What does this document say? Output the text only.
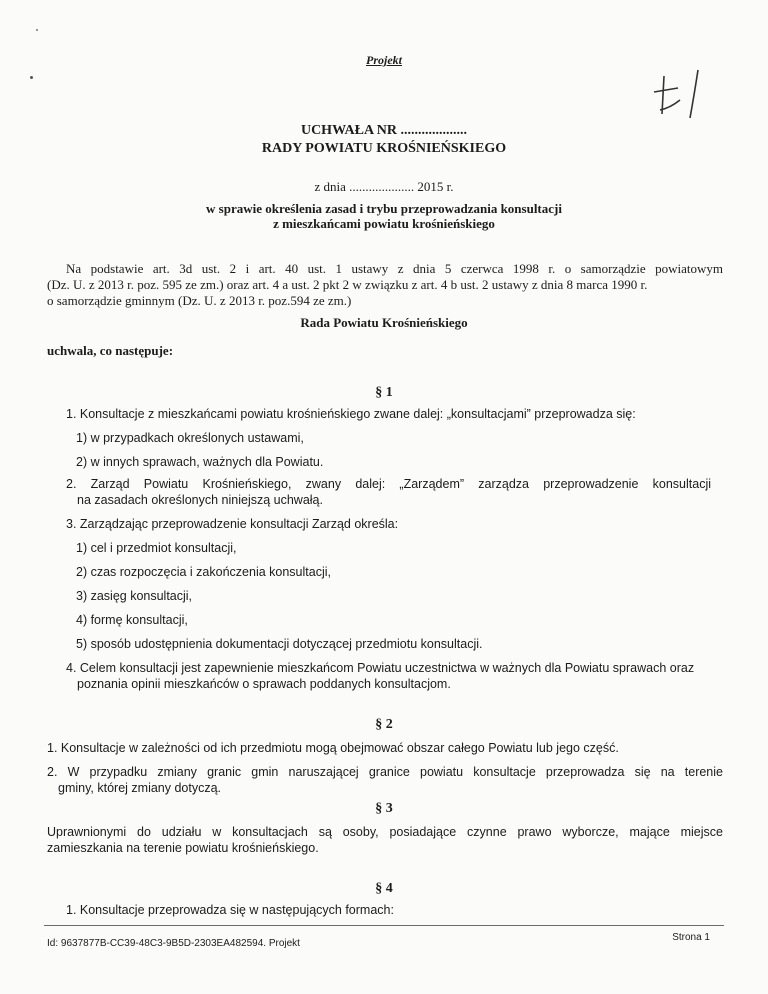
Projekt
UCHWAŁA NR ...................
RADY POWIATU KROŚNIEŃSKIEGO
z dnia .................... 2015 r.
w sprawie określenia zasad i trybu przeprowadzania konsultacji
z mieszkańcami powiatu krośnieńskiego
Na podstawie art. 3d ust. 2 i art. 40 ust. 1 ustawy z dnia 5 czerwca 1998 r. o samorządzie powiatowym
(Dz. U. z 2013 r. poz. 595 ze zm.) oraz art. 4 a ust. 2 pkt 2 w związku z art. 4 b ust. 2 ustawy z dnia 8 marca 1990 r.
o samorządzie gminnym (Dz. U. z 2013 r. poz.594 ze zm.)
Rada Powiatu Krośnieńskiego
uchwala, co następuje:
§ 1
1. Konsultacje z mieszkańcami powiatu krośnieńskiego zwane dalej: „konsultacjami” przeprowadza się:
1) w przypadkach określonych ustawami,
2) w innych sprawach, ważnych dla Powiatu.
2. Zarząd Powiatu Krośnieńskiego, zwany dalej: „Zarządem” zarządza przeprowadzenie konsultacji
na zasadach określonych niniejszą uchwałą.
3. Zarządzając przeprowadzenie konsultacji Zarząd określa:
1) cel i przedmiot konsultacji,
2) czas rozpoczęcia i zakończenia konsultacji,
3) zasięg konsultacji,
4) formę konsultacji,
5) sposób udostępnienia dokumentacji dotyczącej przedmiotu konsultacji.
4. Celem konsultacji jest zapewnienie mieszkańcom Powiatu uczestnictwa w ważnych dla Powiatu sprawach oraz
poznania opinii mieszkańców o sprawach poddanych konsultacjom.
§ 2
1. Konsultacje w zależności od ich przedmiotu mogą obejmować obszar całego Powiatu lub jego część.
2. W przypadku zmiany granic gmin naruszającej granice powiatu konsultacje przeprowadza się na terenie
gminy, której zmiany dotyczą.
§ 3
Uprawnionymi do udziału w konsultacjach są osoby, posiadające czynne prawo wyborcze, mające miejsce
zamieszkania na terenie powiatu krośnieńskiego.
§ 4
1. Konsultacje przeprowadza się w następujących formach:
Id: 9637877B-CC39-48C3-9B5D-2303EA482594. Projekt
Strona 1
